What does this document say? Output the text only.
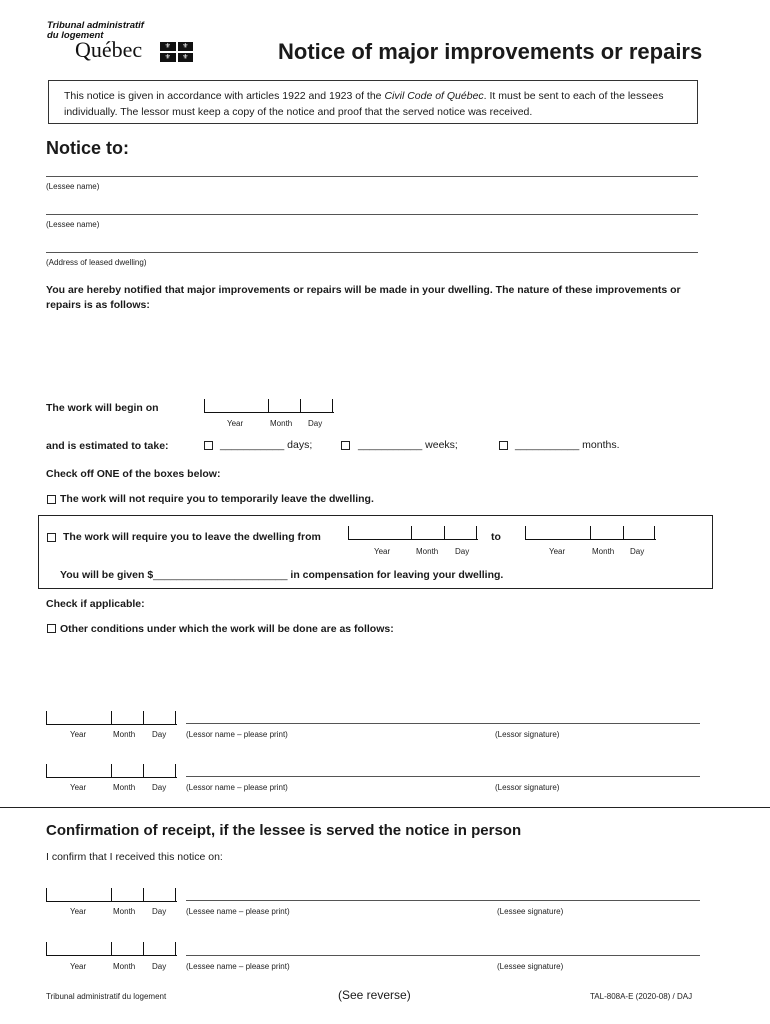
Tribunal administratif
du logement
Québec	⚜	⚜
⚜	⚜	Notice of major improvements or repairs
This notice is given in accordance with articles 1922 and 1923 of the Civil Code of Québec. It must be sent to each of the lessees individually. The lessor must keep a copy of the notice and proof that the served notice was received.
Notice to:
(Lessee name)
(Lessee name)
(Address of leased dwelling)
You are hereby notified that major improvements or repairs will be made in your dwelling. The nature of these improvements or repairs is as follows:
The work will begin on
Year	Month Day
and is estimated to take:	___________ days;	___________ weeks;	___________ months.
Check off ONE of the boxes below:
The work will not require you to temporarily leave the dwelling.
The work will require you to leave the dwelling from
Year	Month Day
to
Year	Month Day
You will be given $_______________________ in compensation for leaving your dwelling.
Check if applicable:
Other conditions under which the work will be done are as follows:
Year	Month Day (Lessor name – please print)	(Lessor signature)
Year	Month Day (Lessor name – please print)	(Lessor signature)
Confirmation of receipt, if the lessee is served the notice in person
I confirm that I received this notice on:
Year	Month Day (Lessee name – please print)	(Lessee signature)
Year	Month Day (Lessee name – please print)	(Lessee signature)
Tribunal administratif du logement	(See reverse)	TAL-808A-E (2020-08) / DAJ
